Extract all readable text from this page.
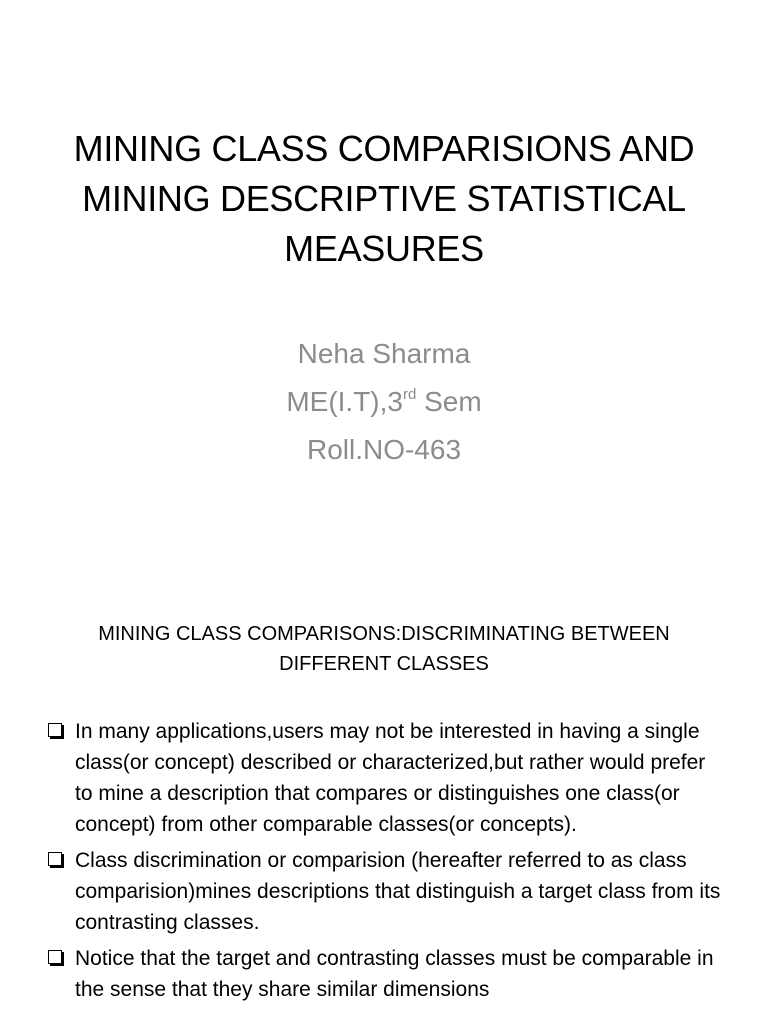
MINING CLASS COMPARISIONS AND
MINING DESCRIPTIVE STATISTICAL
MEASURES
Neha Sharma
ME(I.T),3rd Sem
Roll.NO-463
MINING CLASS COMPARISONS:DISCRIMINATING BETWEEN
DIFFERENT CLASSES
In many applications,users may not be interested in having a single class(or concept) described or characterized,but rather would prefer to mine a description that compares or distinguishes one class(or concept) from other comparable classes(or concepts).
Class discrimination or comparision (hereafter referred to as class comparision)mines descriptions that distinguish a target class from its contrasting classes.
Notice that the target and contrasting classes must be comparable in the sense that they share similar dimensions
